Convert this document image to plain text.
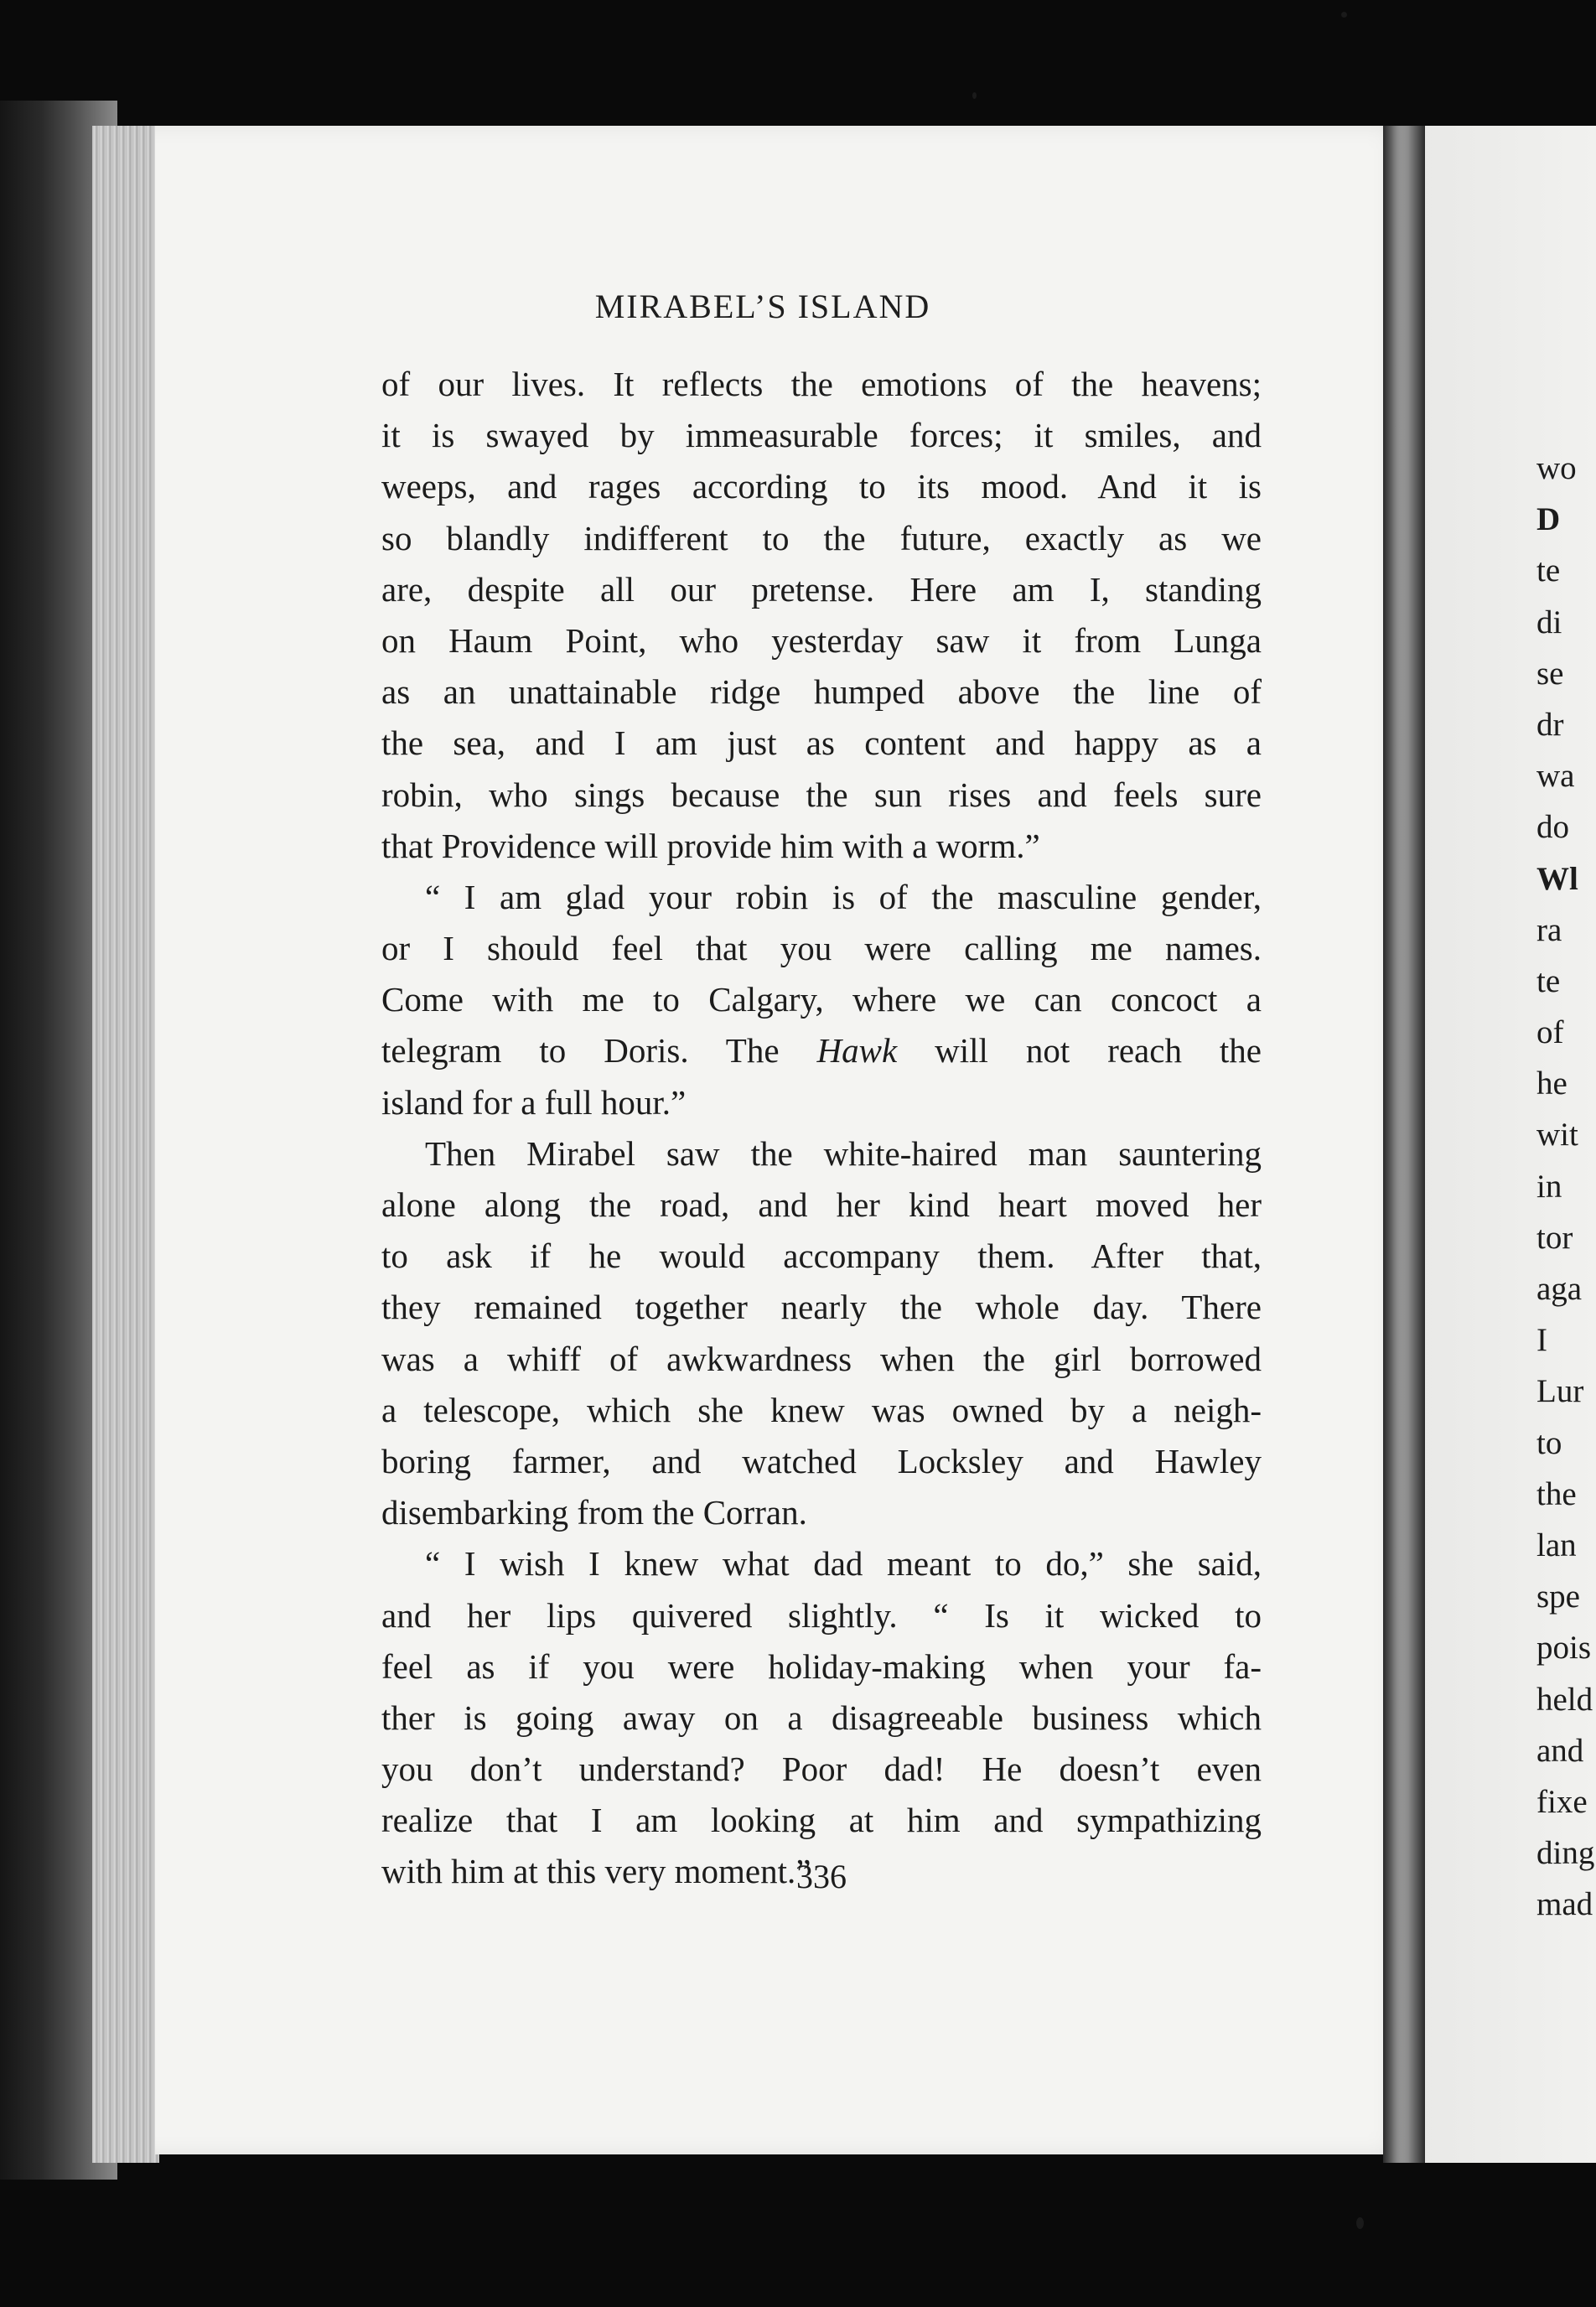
MIRABEL’S ISLAND
of our lives. It reflects the emotions of the heavens;
it is swayed by immeasurable forces; it smiles, and
weeps, and rages according to its mood. And it is
so blandly indifferent to the future, exactly as we
are, despite all our pretense. Here am I, standing
on Haum Point, who yesterday saw it from Lunga
as an unattainable ridge humped above the line of
the sea, and I am just as content and happy as a
robin, who sings because the sun rises and feels sure
that Providence will provide him with a worm.”
“ I am glad your robin is of the masculine gender,
or I should feel that you were calling me names.
Come with me to Calgary, where we can concoct a
telegram to Doris. The Hawk will not reach the
island for a full hour.”
Then Mirabel saw the white-haired man sauntering
alone along the road, and her kind heart moved her
to ask if he would accompany them. After that,
they remained together nearly the whole day. There
was a whiff of awkwardness when the girl borrowed
a telescope, which she knew was owned by a neigh-
boring farmer, and watched Locksley and Hawley
disembarking from the Corran.
“ I wish I knew what dad meant to do,” she said,
and her lips quivered slightly. “ Is it wicked to
feel as if you were holiday-making when your fa-
ther is going away on a disagreeable business which
you don’t understand? Poor dad! He doesn’t even
realize that I am looking at him and sympathizing
with him at this very moment.”
336
wo
D
te
di
se
dr
wa
do
Wl
ra
te
of
he
wit
in
tor
aga
I
Lur
to
the
lan
spe
pois
held
and
fixe
ding
mad
